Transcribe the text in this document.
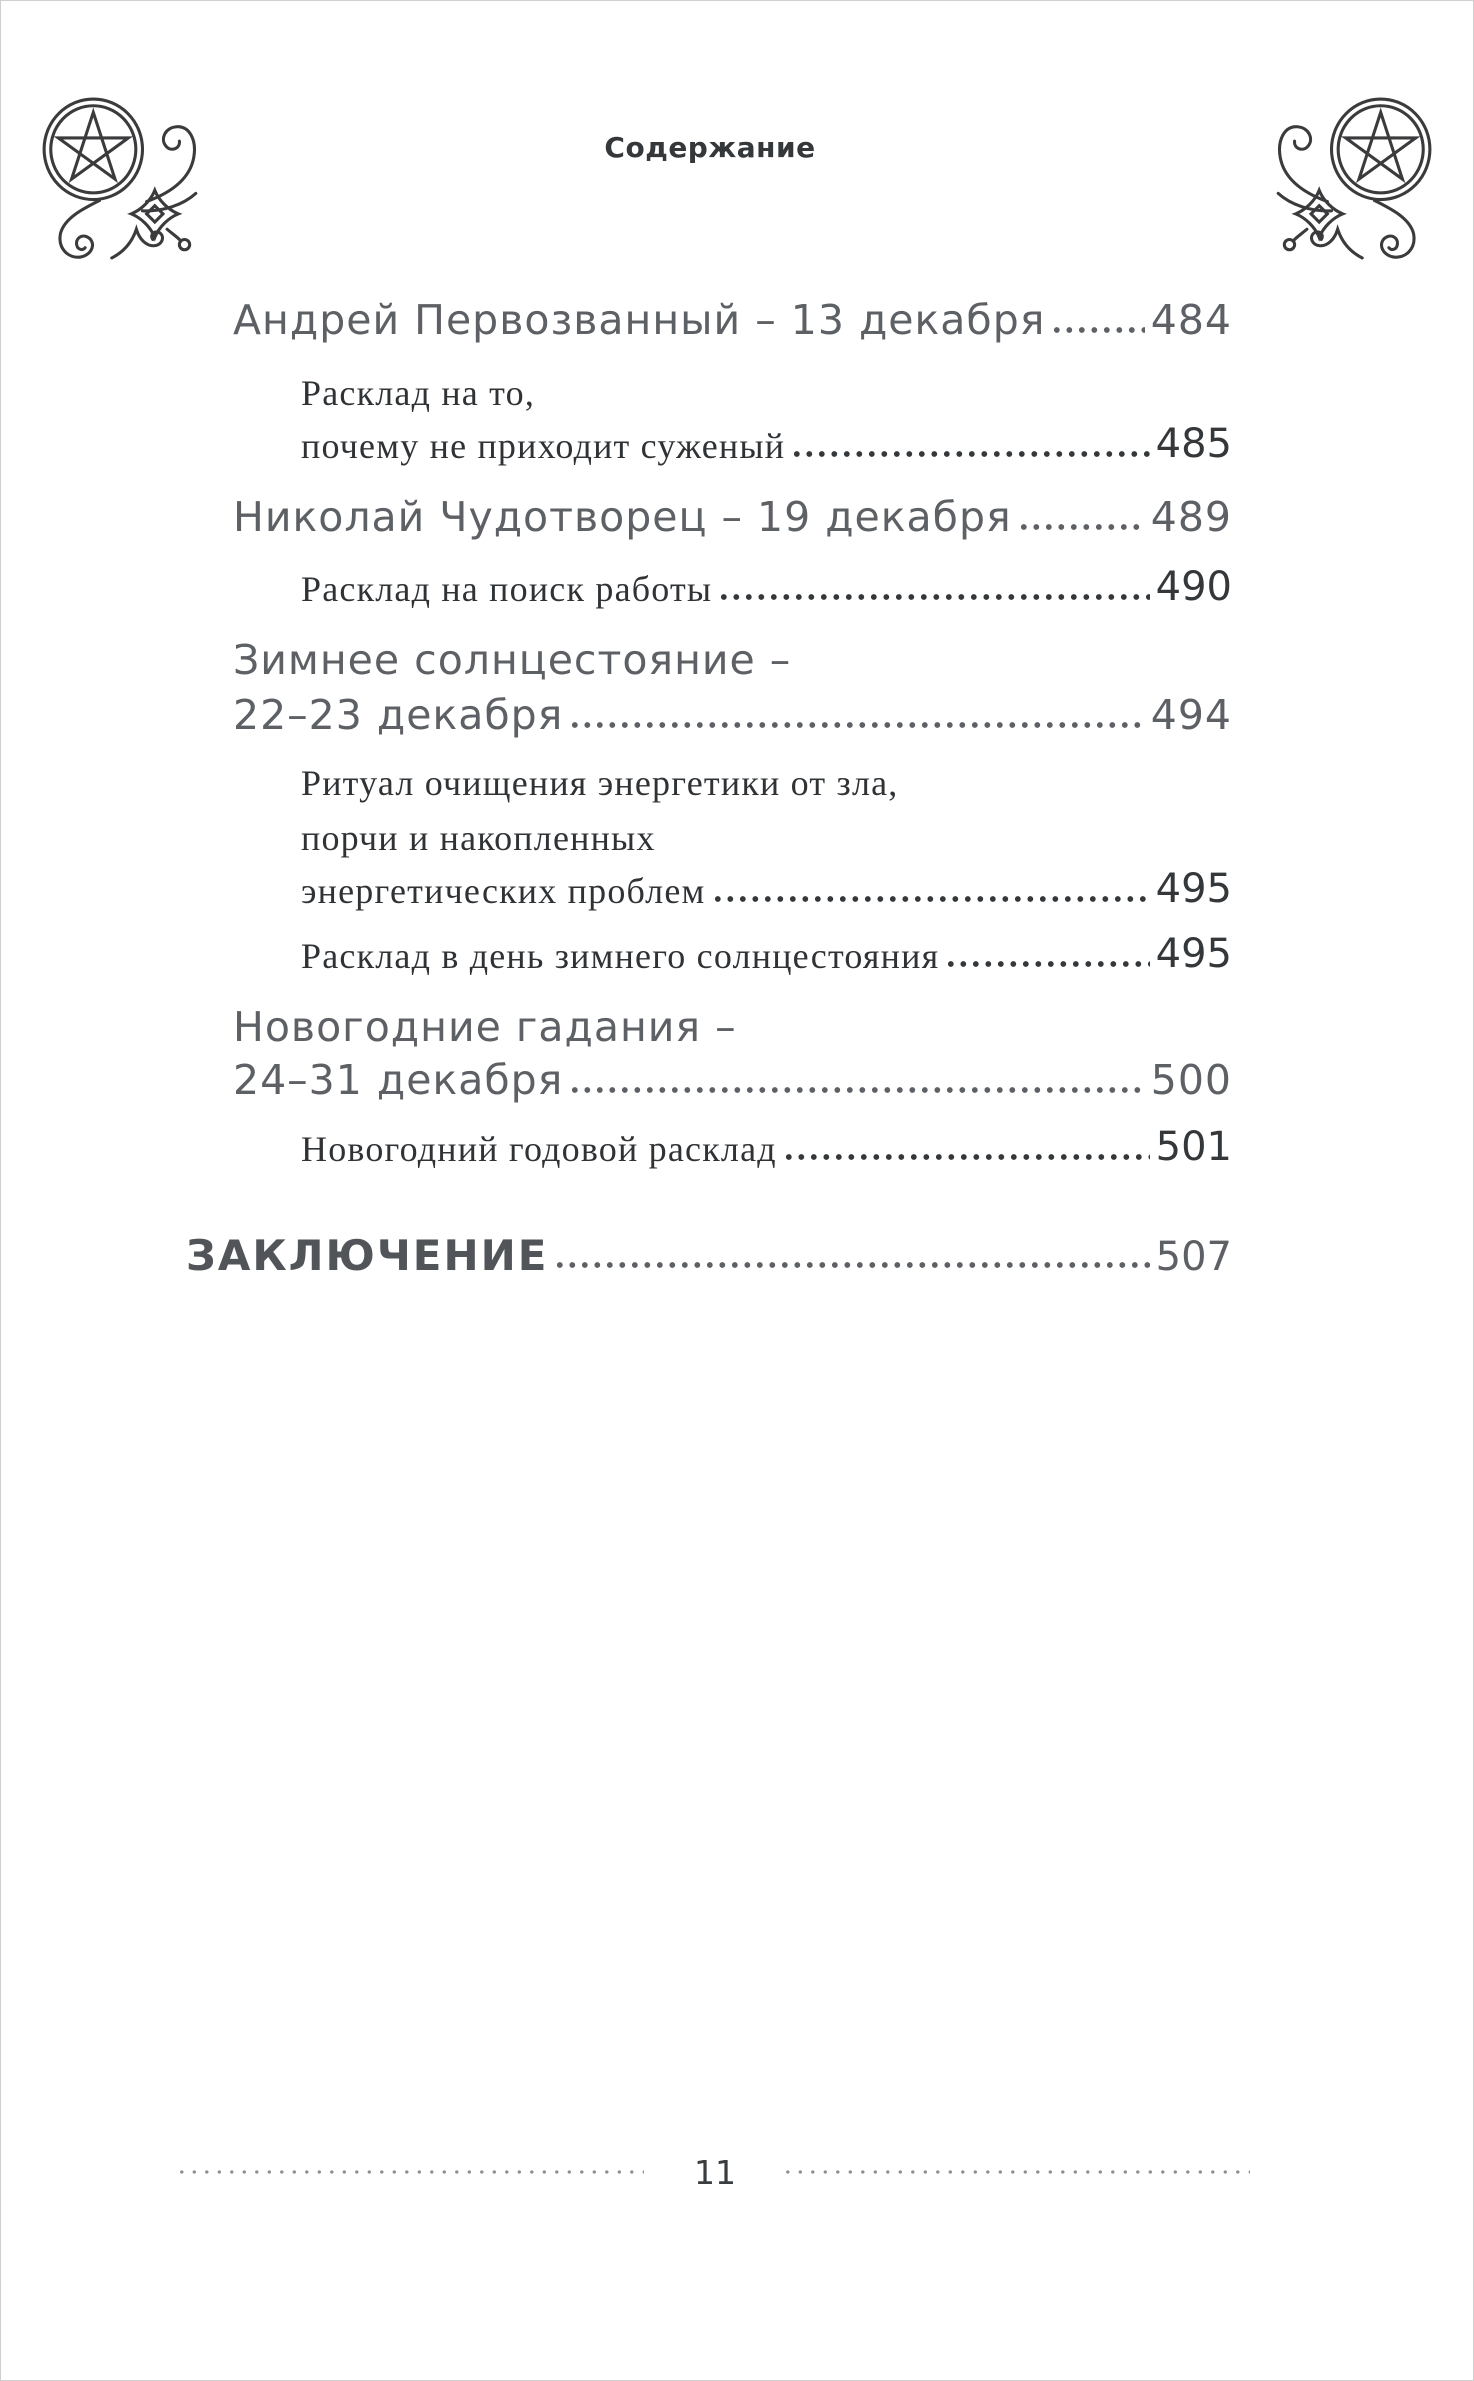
Содержание
Андрей Первозванный – 13 декабря	484
Расклад на то,
почему не приходит суженый	485
Николай Чудотворец – 19 декабря	489
Расклад на поиск работы	490
Зимнее солнцестояние –
22–23 декабря	494
Ритуал очищения энергетики от зла,
порчи и накопленных
энергетических проблем	495
Расклад в день зимнего солнцестояния	495
Новогодние гадания –
24–31 декабря	500
Новогодний годовой расклад	501
ЗАКЛЮЧЕНИЕ	507
11
